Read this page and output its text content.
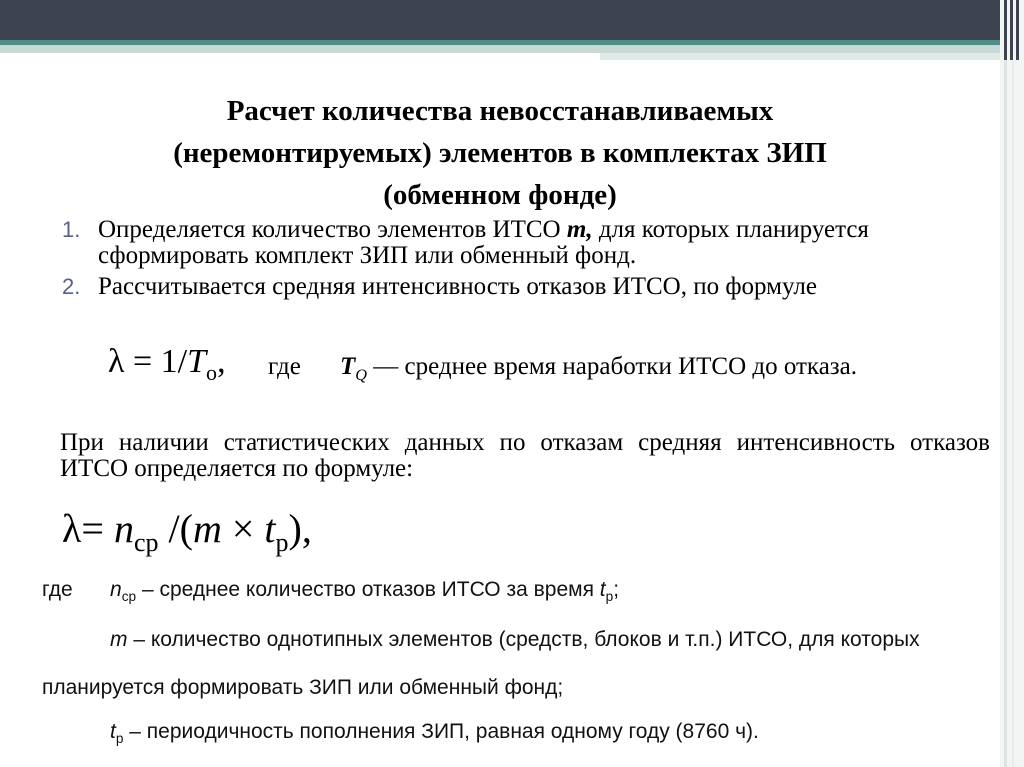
Расчет количества невосстанавливаемых
(неремонтируемых) элементов в комплектах ЗИП
(обменном фонде)
1. Определяется количество элементов ИТСО m, для которых планируется
сформировать комплект ЗИП или обменный фонд.
2. Рассчитывается средняя интенсивность отказов ИТСО, по формуле
$\lambda = 1/T_o$, где $T_Q$ — среднее время наработки ИТСО до отказа.
При наличии статистических данных по отказам средняя интенсивность отказов ИТСО определяется по формуле:
$\lambda= n_{ср}$ $/(m \times t_р)$,
где $n_{ср}$ – среднее количество отказов ИТСО за время $t_р$;
m – количество однотипных элементов (средств, блоков и т.п.) ИТСО, для которых
планируется формировать ЗИП или обменный фонд;
$t_р$ – периодичность пополнения ЗИП, равная одному году (8760 ч).
